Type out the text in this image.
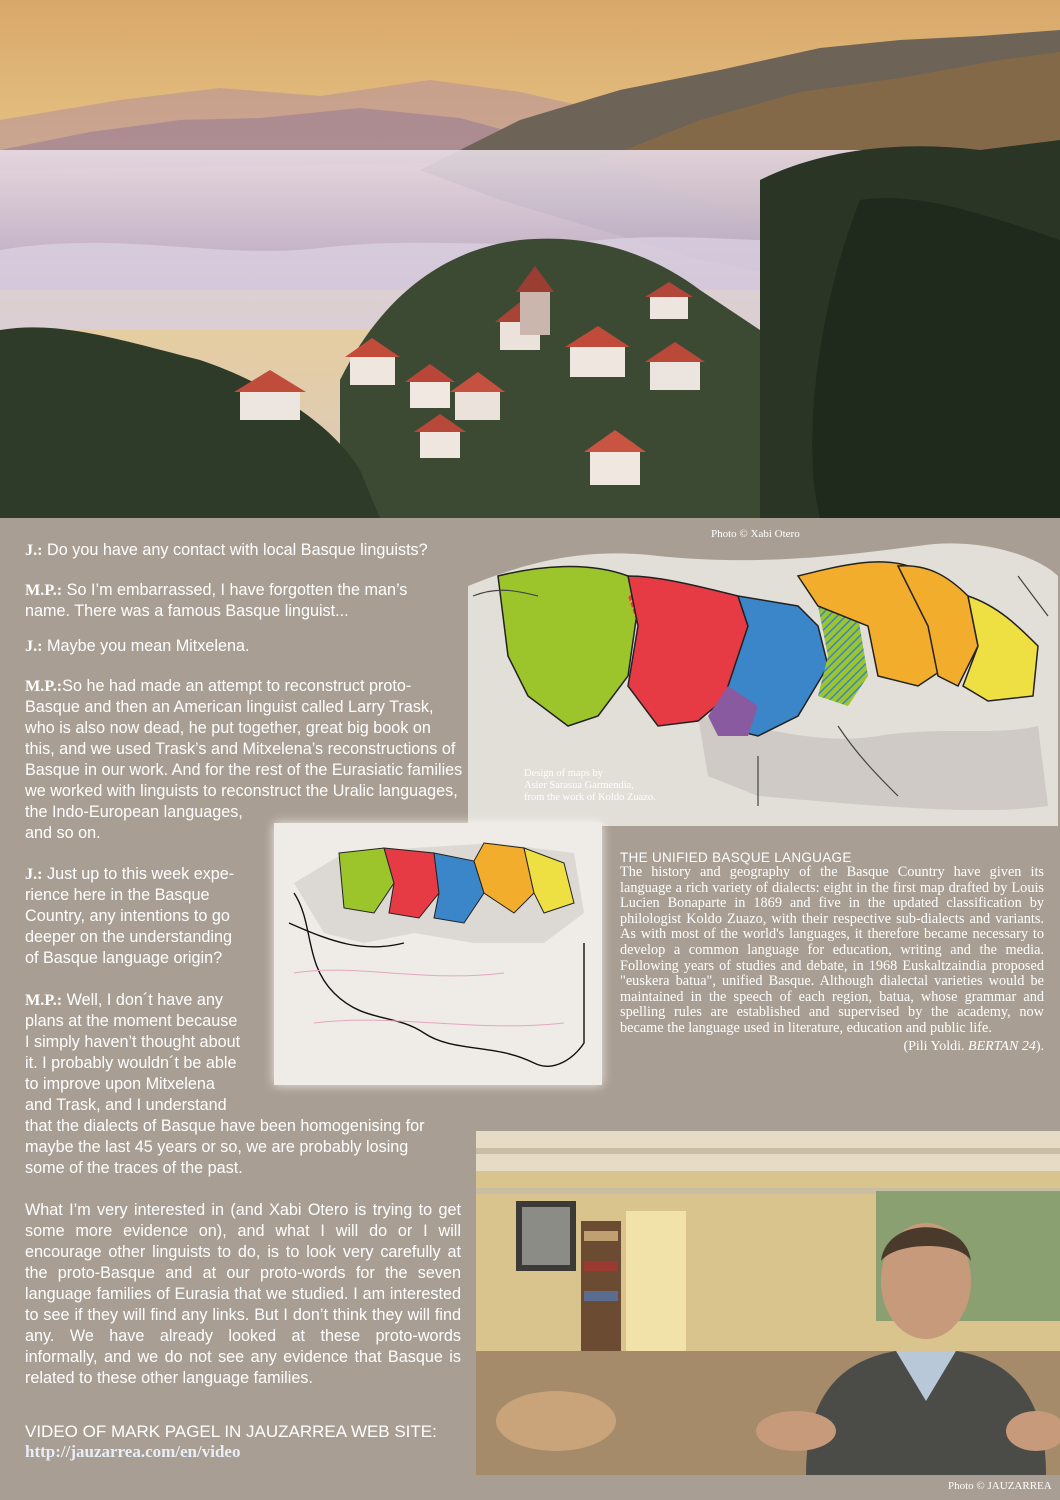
Photo © Xabi Otero
Design of maps by
Asier Sarasua Garmendia,
from the work of Koldo Zuazo.

J.: Do you have any contact with local Basque linguists?

M.P.: So I’m embarrassed, I have forgotten the man’s name. There was a famous Basque linguist...

J.: Maybe you mean Mitxelena.

M.P.:So he had made an attempt to reconstruct proto-
Basque and then an American linguist called Larry Trask,
who is also now dead, he put together, great big book on
this, and we used Trask’s and Mitxelena’s reconstructions of
Basque in our work. And for the rest of the Eurasiatic families
we worked with linguists to reconstruct the Uralic languages,
the Indo-European languages,
and so on.

J.: Just up to this week expe-
rience here in the Basque
Country, any intentions to go
deeper on the understanding
of Basque language origin?

M.P.: Well, I don´t have any
plans at the moment because
I simply haven’t thought about
it. I probably wouldn´t be able
to improve upon Mitxelena
and Trask, and I understand
that the dialects of Basque have been homogenising for
maybe the last 45 years or so, we are probably losing
some of the traces of the past.

What I’m very interested in (and Xabi Otero is trying to get some more evidence on), and what I will do or I will encourage other linguists to do, is to look very carefully at the proto-Basque and at our proto-words for the seven language families of Eurasia that we studied. I am interested to see if they will find any links. But I don’t think they will find any. We have already looked at these proto-words informally, and we do not see any evidence that Basque is related to these other language families.

THE UNIFIED BASQUE LANGUAGE
The history and geography of the Basque Country have given its language a rich variety of dialects: eight in the first map drafted by Louis Lucien Bonaparte in 1869 and five in the updated classification by philologist Koldo Zuazo, with their respective sub-dialects and variants. As with most of the world's languages, it therefore became necessary to develop a common language for education, writing and the media. Following years of studies and debate, in 1968 Euskaltzaindia proposed "euskera batua", unified Basque. Although dialectal varieties would be maintained in the speech of each region, batua, whose grammar and spelling rules are established and supervised by the academy, now became the language used in literature, education and public life.
(Pili Yoldi. BERTAN 24).
Photo © JAUZARREA
VIDEO OF MARK PAGEL IN JAUZARREA WEB SITE:
http://jauzarrea.com/en/video
